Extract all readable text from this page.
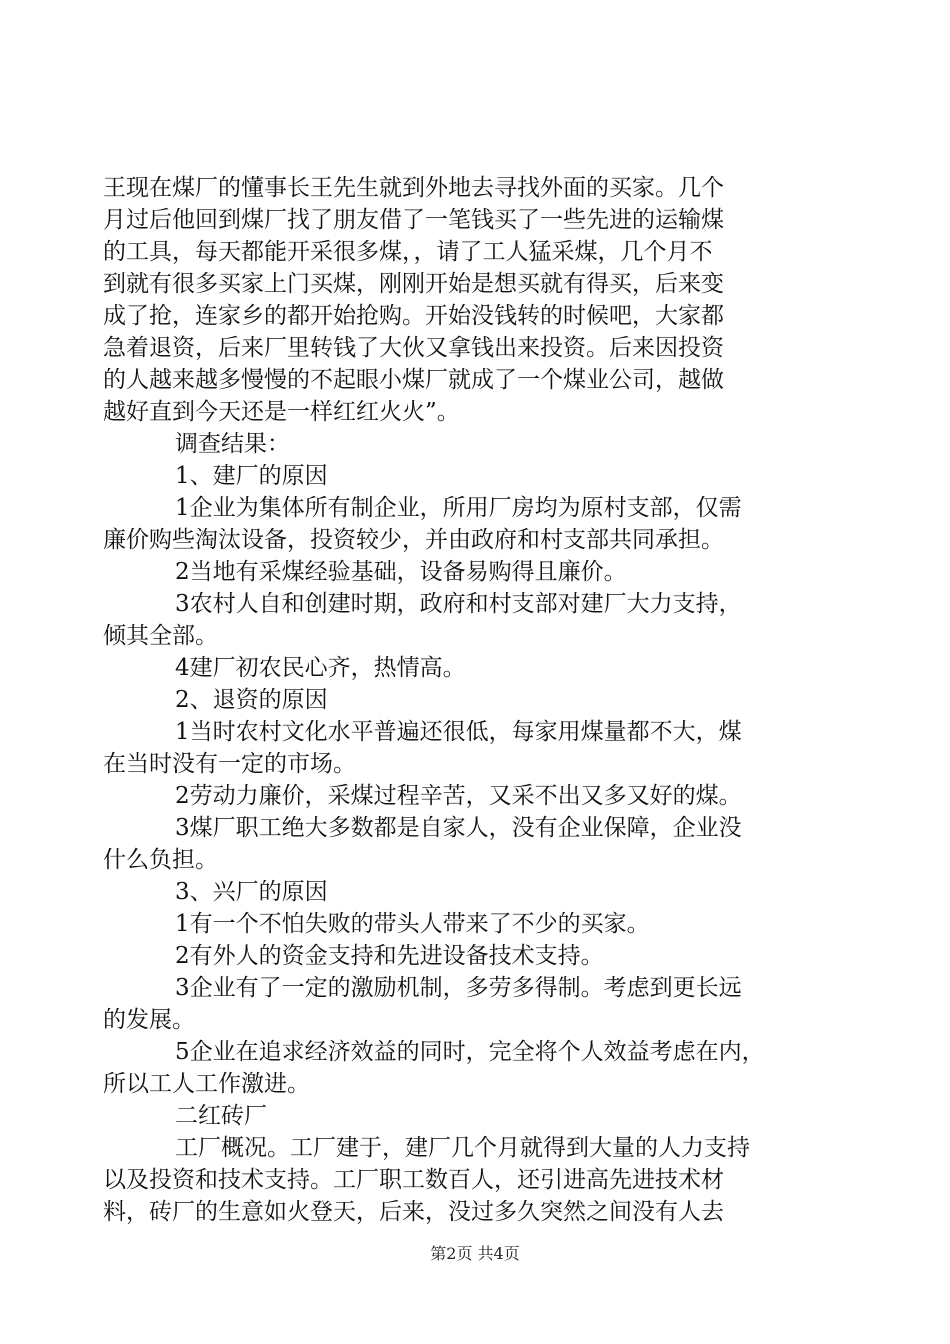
王现在煤厂的懂事长王先生就到外地去寻找外面的买家。几个
月过后他回到煤厂找了朋友借了一笔钱买了一些先进的运输煤
的工具，每天都能开采很多煤，，请了工人猛采煤，几个月不
到就有很多买家上门买煤，刚刚开始是想买就有得买，后来变
成了抢，连家乡的都开始抢购。开始没钱转的时候吧，大家都
急着退资，后来厂里转钱了大伙又拿钱出来投资。后来因投资
的人越来越多慢慢的不起眼小煤厂就成了一个煤业公司，越做
越好直到今天还是一样红红火火”。
调查结果：
1、建厂的原因
1企业为集体所有制企业，所用厂房均为原村支部，仅需
廉价购些淘汰设备，投资较少，并由政府和村支部共同承担。
2当地有采煤经验基础，设备易购得且廉价。
3农村人自和创建时期，政府和村支部对建厂大力支持，
倾其全部。
4建厂初农民心齐，热情高。
2、退资的原因
1当时农村文化水平普遍还很低，每家用煤量都不大，煤
在当时没有一定的市场。
2劳动力廉价，采煤过程辛苦，又采不出又多又好的煤。
3煤厂职工绝大多数都是自家人，没有企业保障，企业没
什么负担。
3、兴厂的原因
1有一个不怕失败的带头人带来了不少的买家。
2有外人的资金支持和先进设备技术支持。
3企业有了一定的激励机制，多劳多得制。考虑到更长远
的发展。
5企业在追求经济效益的同时，完全将个人效益考虑在内，
所以工人工作激进。
二红砖厂
工厂概况。工厂建于，建厂几个月就得到大量的人力支持
以及投资和技术支持。工厂职工数百人，还引进高先进技术材
料，砖厂的生意如火登天，后来，没过多久突然之间没有人去
第2页 共4页
